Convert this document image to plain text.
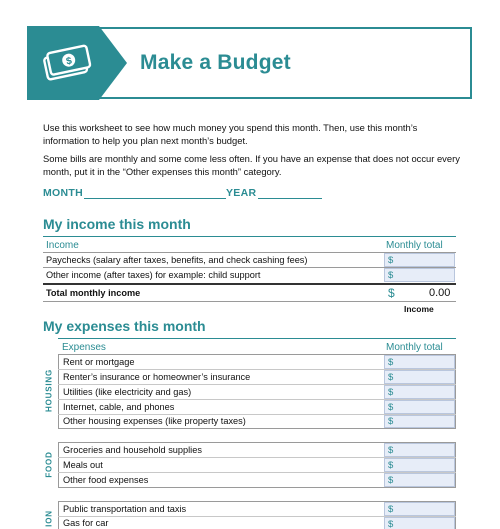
$	Make a Budget
Use this worksheet to see how much money you spend this month. Then, use this month’s information to help you plan next month’s budget.
Some bills are monthly and some come less often. If you have an expense that does not occur every month, put it in the “Other expenses this month” category.
MONTH	YEAR
My income this month
Income	Monthly total
Paychecks (salary after taxes, benefits, and check cashing fees)	$
Other income (after taxes) for example: child support	$
Total monthly income	$	0.00
Income
My expenses this month
Expenses	Monthly total
HOUSING
Rent or mortgage	$
Renter’s insurance or homeowner’s insurance	$
Utilities (like electricity and gas)	$
Internet, cable, and phones	$
Other housing expenses (like property taxes)	$
FOOD
Groceries and household supplies	$
Meals out	$
Other food expenses	$
ION
Public transportation and taxis	$
Gas for car	$
